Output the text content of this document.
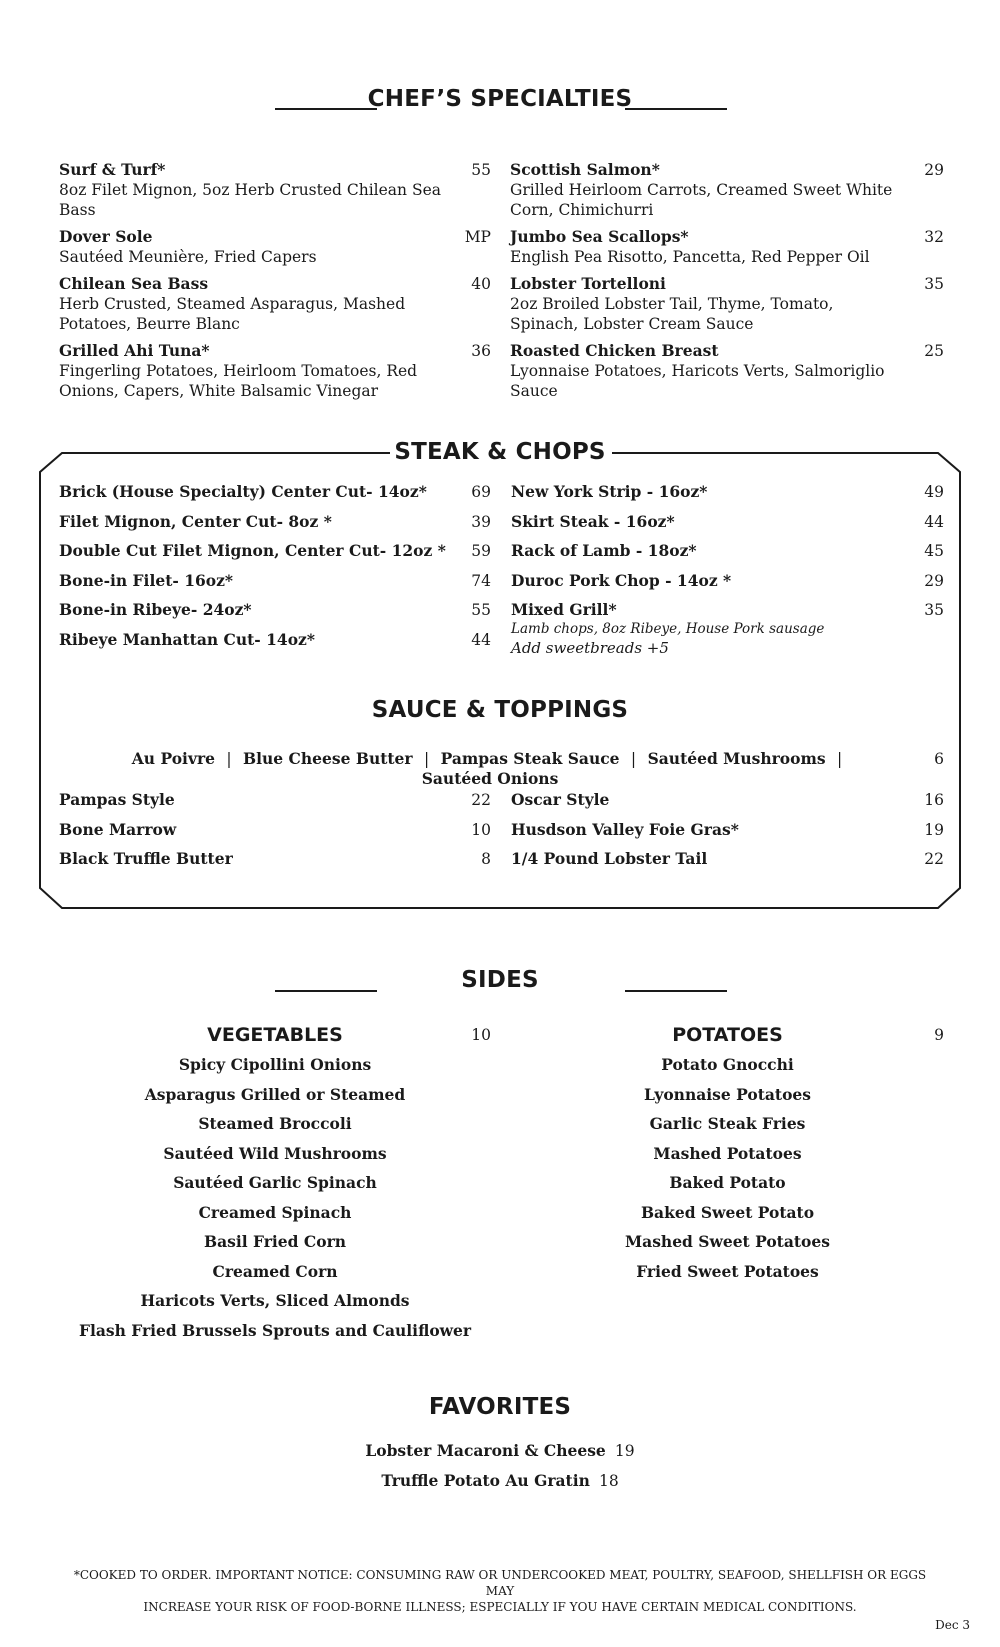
CHEF’S SPECIALTIES
Surf & Turf*	55
8oz Filet Mignon, 5oz Herb Crusted Chilean Sea Bass
Dover Sole	MP
Sautéed Meunière, Fried Capers
Chilean Sea Bass	40
Herb Crusted, Steamed Asparagus, Mashed Potatoes, Beurre Blanc
Grilled Ahi Tuna*	36
Fingerling Potatoes, Heirloom Tomatoes, Red Onions, Capers, White Balsamic Vinegar
Scottish Salmon*	29
Grilled Heirloom Carrots, Creamed Sweet White Corn, Chimichurri
Jumbo Sea Scallops*	32
English Pea Risotto, Pancetta, Red Pepper Oil
Lobster Tortelloni	35
2oz Broiled Lobster Tail, Thyme, Tomato, Spinach, Lobster Cream Sauce
Roasted Chicken Breast	25
Lyonnaise Potatoes, Haricots Verts, Salmoriglio Sauce
STEAK & CHOPS
Brick (House Specialty) Center Cut- 14oz*	69
Filet Mignon, Center Cut- 8oz *	39
Double Cut Filet Mignon, Center Cut- 12oz *	59
Bone-in Filet- 16oz*	74
Bone-in Ribeye- 24oz*	55
Ribeye Manhattan Cut- 14oz*	44
New York Strip - 16oz*	49
Skirt Steak - 16oz*	44
Rack of Lamb - 18oz*	45
Duroc Pork Chop - 14oz *	29
Mixed Grill*	35
Lamb chops, 8oz Ribeye, House Pork sausage
Add sweetbreads +5
SAUCE & TOPPINGS
Au Poivre | Blue Cheese Butter | Pampas Steak Sauce | Sautéed Mushrooms | Sautéed Onions
6
Pampas Style	22
Bone Marrow	10
Black Truffle Butter	8
Oscar Style	16
Husdson Valley Foie Gras*	19
1/4 Pound Lobster Tail	22
SIDES
VEGETABLES	10
Spicy Cipollini Onions
Asparagus Grilled or Steamed
Steamed Broccoli
Sautéed Wild Mushrooms
Sautéed Garlic Spinach
Creamed Spinach
Basil Fried Corn
Creamed Corn
Haricots Verts, Sliced Almonds
Flash Fried Brussels Sprouts and Cauliflower
POTATOES	9
Potato Gnocchi
Lyonnaise Potatoes
Garlic Steak Fries
Mashed Potatoes
Baked Potato
Baked Sweet Potato
Mashed Sweet Potatoes
Fried Sweet Potatoes
FAVORITES
Lobster Macaroni & Cheese 19
Truffle Potato Au Gratin 18
*COOKED TO ORDER. IMPORTANT NOTICE: CONSUMING RAW OR UNDERCOOKED MEAT, POULTRY, SEAFOOD, SHELLFISH OR EGGS MAY
INCREASE YOUR RISK OF FOOD-BORNE ILLNESS; ESPECIALLY IF YOU HAVE CERTAIN MEDICAL CONDITIONS.
Dec 3
